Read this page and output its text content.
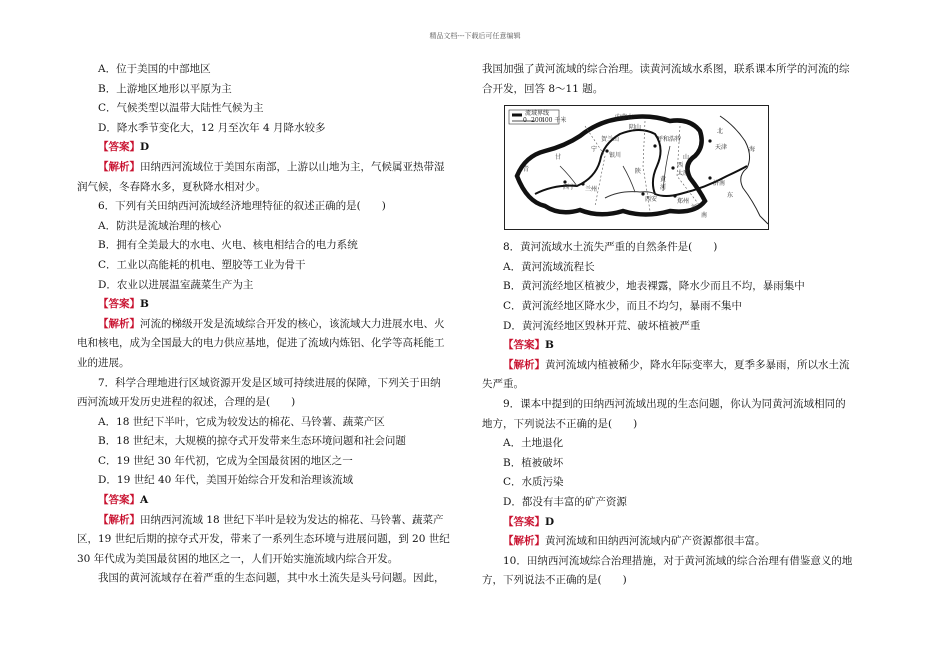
精品文档---下载后可任意编辑
A．位于美国的中部地区
B．上游地区地形以平原为主
C．气候类型以温带大陆性气候为主
D．降水季节变化大，12 月至次年 4 月降水较多
【答案】D
【解析】田纳西河流域位于美国东南部，上游以山地为主，气候属亚热带湿
润气候，冬春降水多，夏秋降水相对少。
6．下列有关田纳西河流域经济地理特征的叙述正确的是(　　)
A．防洪是流域治理的核心
B．拥有全美最大的水电、火电、核电相结合的电力系统
C．工业以高能耗的机电、塑胶等工业为骨干
D．农业以进展温室蔬菜生产为主
【答案】B
【解析】河流的梯级开发是流域综合开发的核心，该流域大力进展水电、火
电和核电，成为全国最大的电力供应基地，促进了流域内炼铝、化学等高耗能工
业的进展。
7．科学合理地进行区域资源开发是区域可持续进展的保障，下列关于田纳
西河流域开发历史进程的叙述，合理的是(　　)
A．18 世纪下半叶，它成为较发达的棉花、马铃薯、蔬菜产区
B．18 世纪末，大规模的掠夺式开发带来生态环境问题和社会问题
C．19 世纪 30 年代初，它成为全国最贫困的地区之一
D．19 世纪 40 年代，美国开始综合开发和治理该流域
【答案】A
【解析】田纳西河流域 18 世纪下半叶是较为发达的棉花、马铃薯、蔬菜产
区，19 世纪后期的掠夺式开发，带来了一系列生态环境与进展问题，到 20 世纪
30 年代成为美国最贫困的地区之一，人们开始实施流域内综合开发。
我国的黄河流域存在着严重的生态问题，其中水土流失是头号问题。因此，
我国加强了黄河流域的综合治理。读黄河流域水系图，联系课本所学的河流的综
合开发，回答 8～11 题。
流域界线
0 200
400 千米	内蒙古
宁
甘
青	陕
山
河
西
北
东
南
海
天津
太原
济南
郑州
西安
兰州
西宁
银川
呼和浩特
贺兰山
阴山
黄
河
8．黄河流域水土流失严重的自然条件是(　　)
A．黄河流域流程长
B．黄河流经地区植被少，地表裸露，降水少而且不均，暴雨集中
C．黄河流经地区降水少，而且不均匀，暴雨不集中
D．黄河流经地区毁林开荒、破坏植被严重
【答案】B
【解析】黄河流域内植被稀少，降水年际变率大，夏季多暴雨，所以水土流
失严重。
9．课本中提到的田纳西河流域出现的生态问题，你认为同黄河流域相同的
地方，下列说法不正确的是(　　)
A．土地退化
B．植被破坏
C．水质污染
D．都没有丰富的矿产资源
【答案】D
【解析】黄河流域和田纳西河流域内矿产资源都很丰富。
10．田纳西河流域综合治理措施，对于黄河流域的综合治理有借鉴意义的地
方，下列说法不正确的是(　　)
